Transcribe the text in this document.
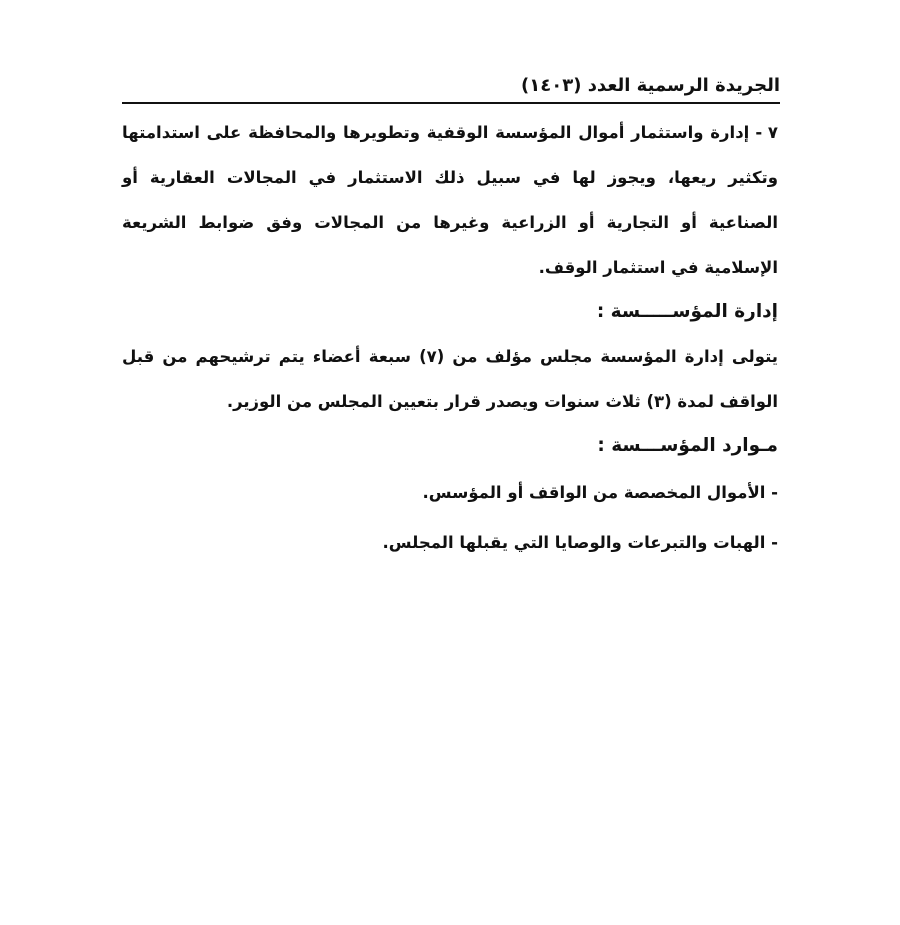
الجريدة الرسمية العدد (١٤٠٣)

٧ -إدارة واستثمار أموال المؤسسة الوقفية وتطويرها والمحافظة على استدامتها وتكثير ريعها، ويجوز لها في سبيل ذلك الاستثمار في المجالات العقارية أو الصناعية أو التجارية أو الزراعية وغيرها من المجالات وفق ضوابط الشريعة الإسلامية في استثمار الوقف.

إدارة المؤســـــسة :

يتولى إدارة المؤسسة مجلس مؤلف من (٧) سبعة أعضاء يتم ترشيحهم من قبل الواقف لمدة (٣) ثلاث سنوات ويصدر قرار بتعيين المجلس من الوزير.

مـوارد المؤســـسة :

- الأموال المخصصة من الواقف أو المؤسس.

- الهبات والتبرعات والوصايا التي يقبلها المجلس.
